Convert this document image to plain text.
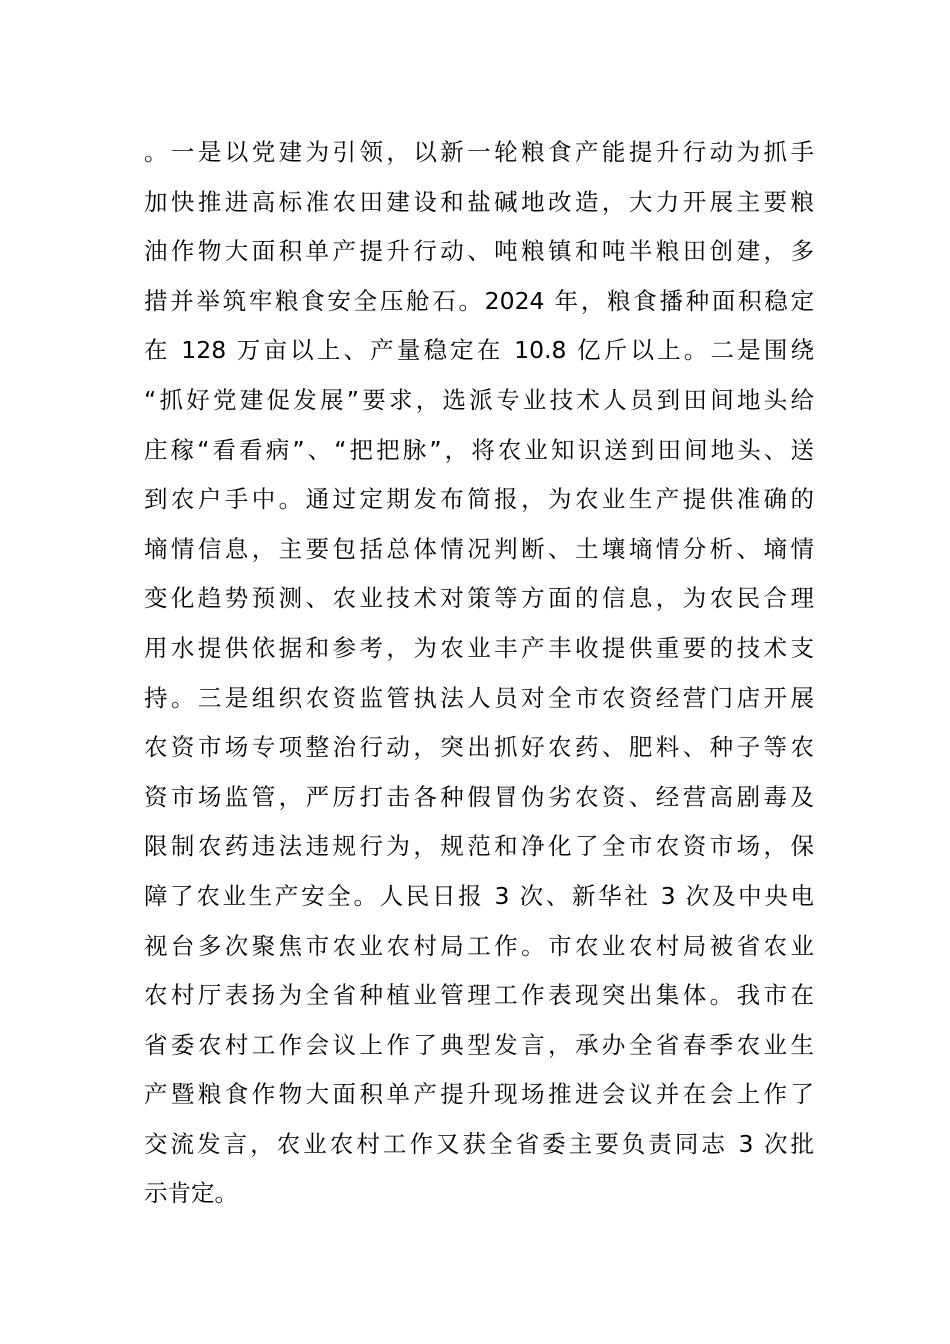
。一是以党建为引领，以新一轮粮食产能提升行动为抓手
加快推进高标准农田建设和盐碱地改造，大力开展主要粮
油作物大面积单产提升行动、吨粮镇和吨半粮田创建，多
措并举筑牢粮食安全压舱石。2024 年，粮食播种面积稳定
在 128 万亩以上、产量稳定在 10.8 亿斤以上。二是围绕
“抓好党建促发展”要求，选派专业技术人员到田间地头给
庄稼“看看病”、“把把脉”，将农业知识送到田间地头、送
到农户手中。通过定期发布简报，为农业生产提供准确的
墒情信息，主要包括总体情况判断、土壤墒情分析、墒情
变化趋势预测、农业技术对策等方面的信息，为农民合理
用水提供依据和参考，为农业丰产丰收提供重要的技术支
持。三是组织农资监管执法人员对全市农资经营门店开展
农资市场专项整治行动，突出抓好农药、肥料、种子等农
资市场监管，严厉打击各种假冒伪劣农资、经营高剧毒及
限制农药违法违规行为，规范和净化了全市农资市场，保
障了农业生产安全。人民日报 3 次、新华社 3 次及中央电
视台多次聚焦市农业农村局工作。市农业农村局被省农业
农村厅表扬为全省种植业管理工作表现突出集体。我市在
省委农村工作会议上作了典型发言，承办全省春季农业生
产暨粮食作物大面积单产提升现场推进会议并在会上作了
交流发言，农业农村工作又获全省委主要负责同志 3 次批
示肯定。
